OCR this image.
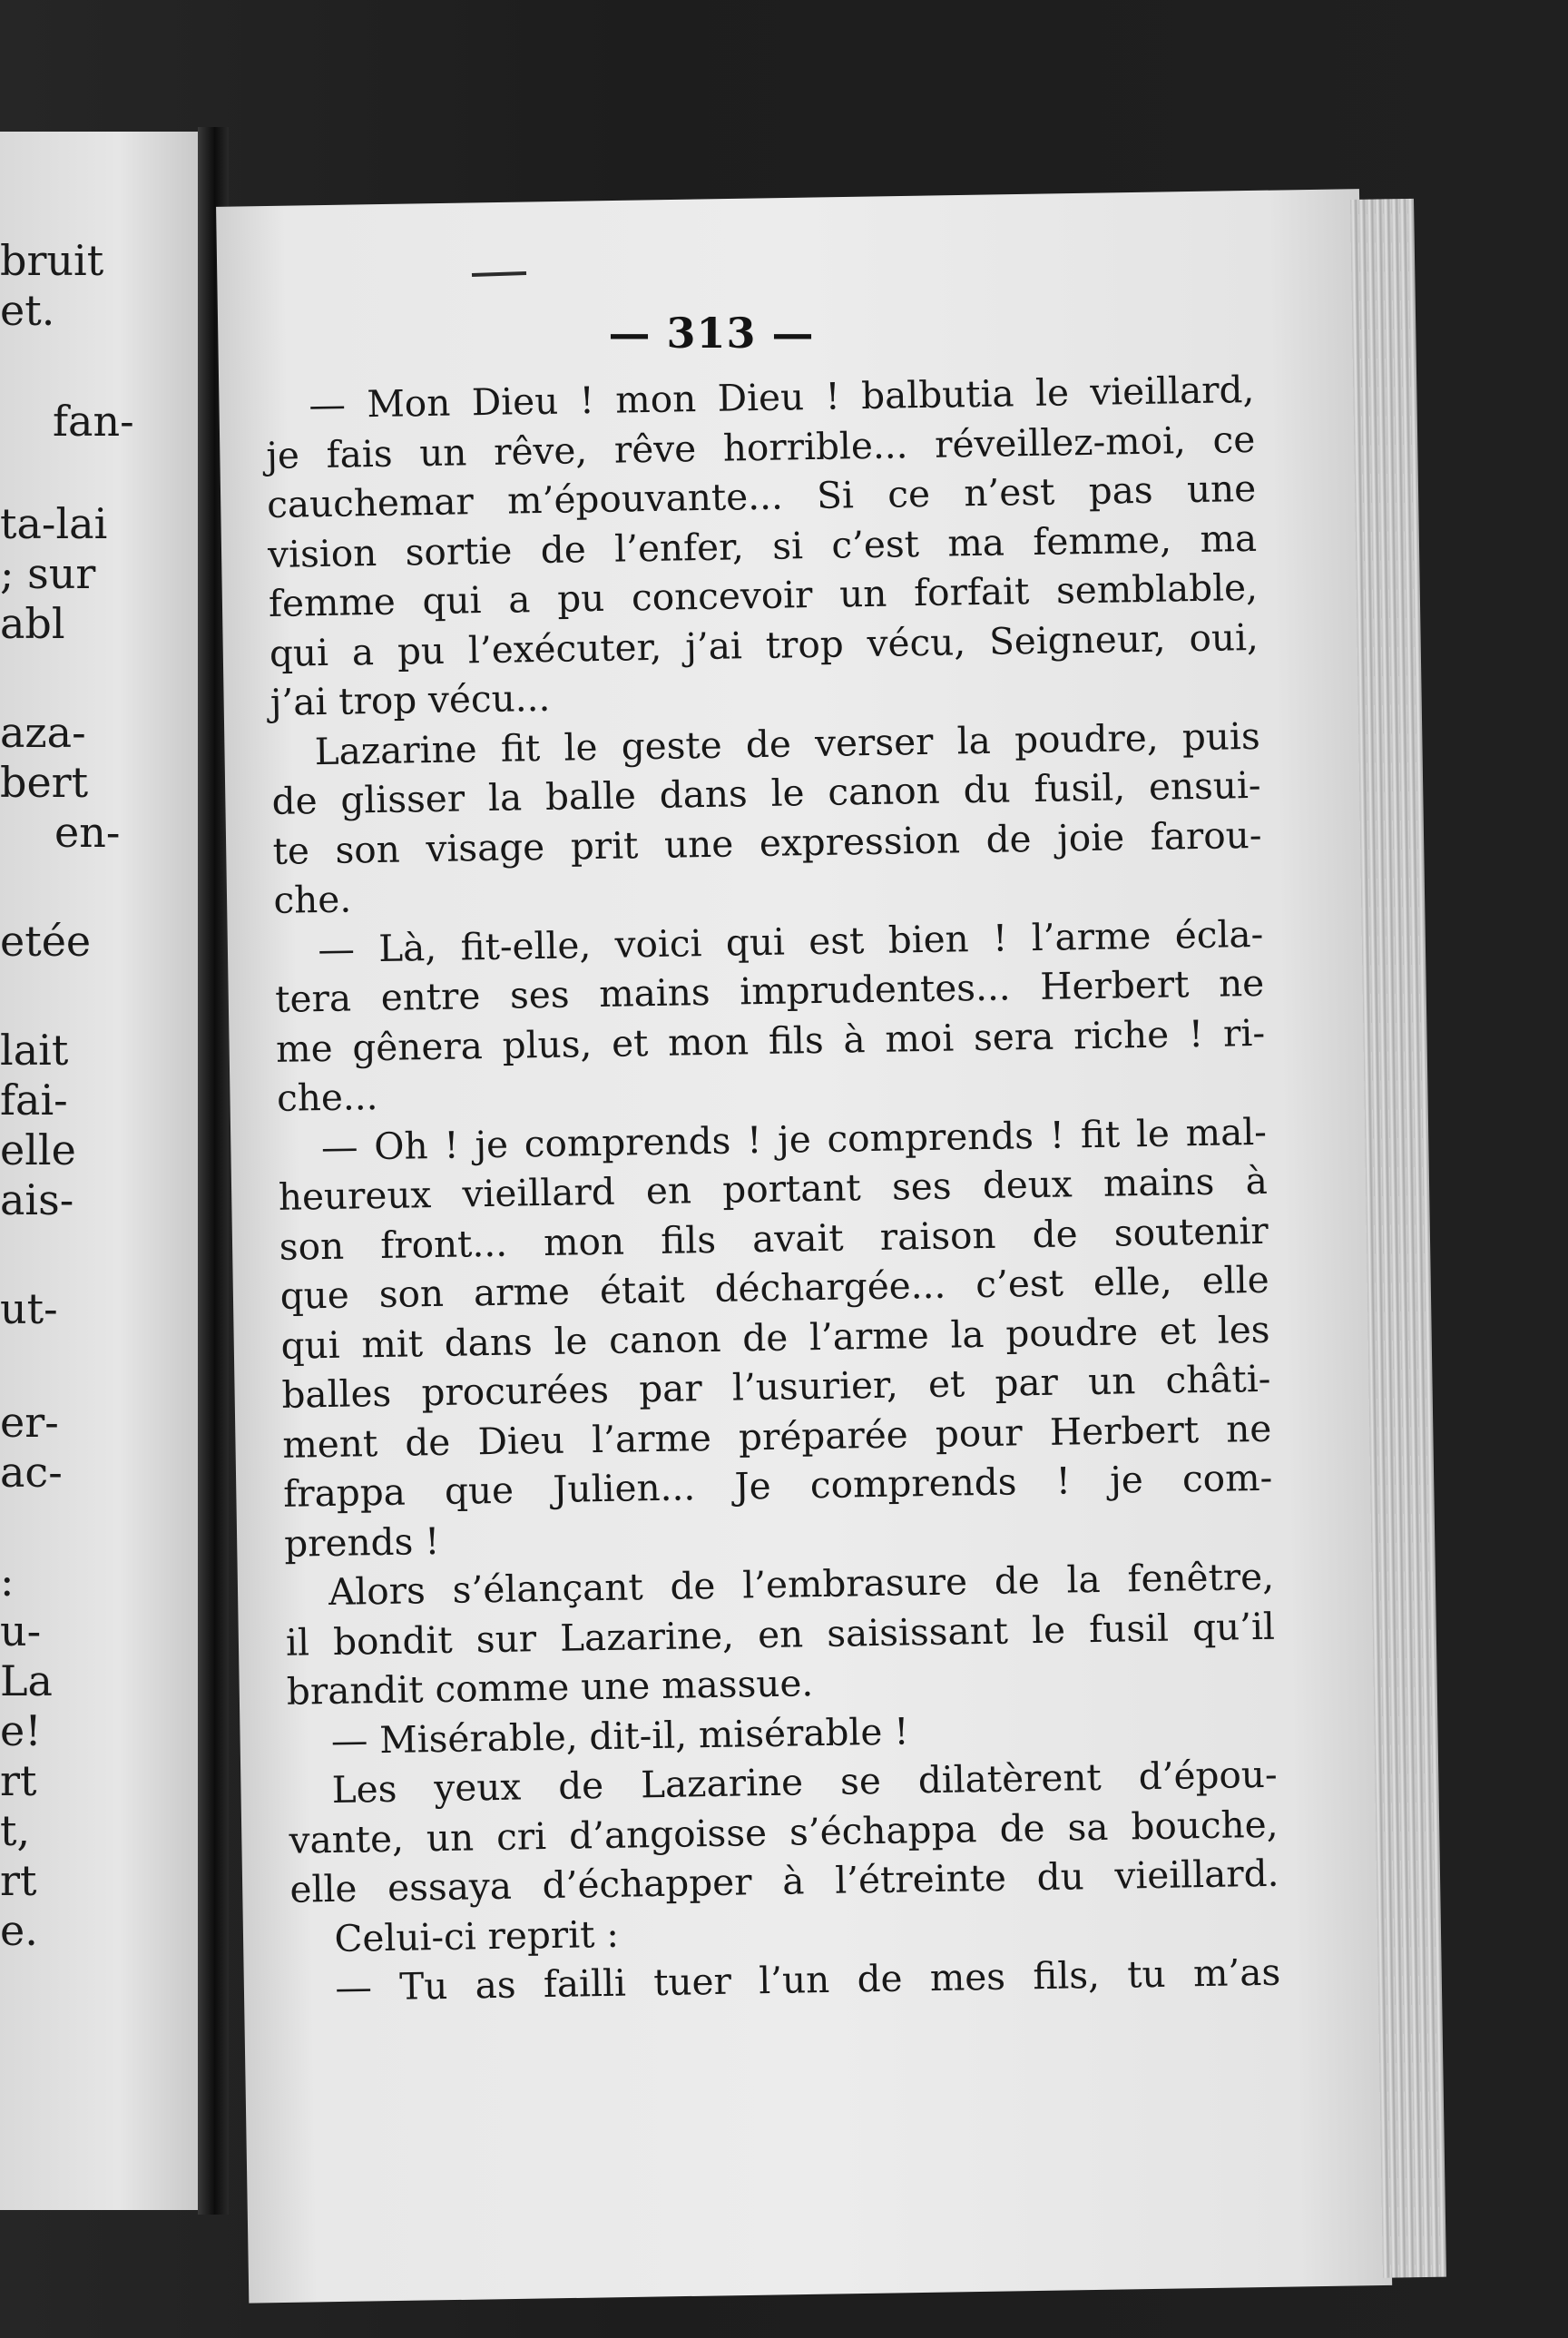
bruit
et.
fan-
ta-lai
; sur
abl
aza-
bert
en-
etée
lait
fai-
elle
ais-
ut-
er-
ac-
:
u-
La
e!
rt
t,
rt
e.
— 313 —
— Mon Dieu ! mon Dieu ! balbutia le vieillard,
je fais un rêve, rêve horrible... réveillez-moi, ce
cauchemar m’épouvante... Si ce n’est pas une
vision sortie de l’enfer, si c’est ma femme, ma
femme qui a pu concevoir un forfait semblable,
qui a pu l’exécuter, j’ai trop vécu, Seigneur, oui,
j’ai trop vécu...
Lazarine fit le geste de verser la poudre, puis
de glisser la balle dans le canon du fusil, ensui-
te son visage prit une expression de joie farou-
che.
— Là, fit-elle, voici qui est bien ! l’arme écla-
tera entre ses mains imprudentes... Herbert ne
me gênera plus, et mon fils à moi sera riche ! ri-
che...
— Oh ! je comprends ! je comprends ! fit le mal-
heureux vieillard en portant ses deux mains à
son front... mon fils avait raison de soutenir
que son arme était déchargée... c’est elle, elle
qui mit dans le canon de l’arme la poudre et les
balles procurées par l’usurier, et par un châti-
ment de Dieu l’arme préparée pour Herbert ne
frappa que Julien... Je comprends ! je com-
prends !
Alors s’élançant de l’embrasure de la fenêtre,
il bondit sur Lazarine, en saisissant le fusil qu’il
brandit comme une massue.
— Misérable, dit-il, misérable !
Les yeux de Lazarine se dilatèrent d’épou-
vante, un cri d’angoisse s’échappa de sa bouche,
elle essaya d’échapper à l’étreinte du vieillard.
Celui-ci reprit :
— Tu as failli tuer l’un de mes fils, tu m’as
